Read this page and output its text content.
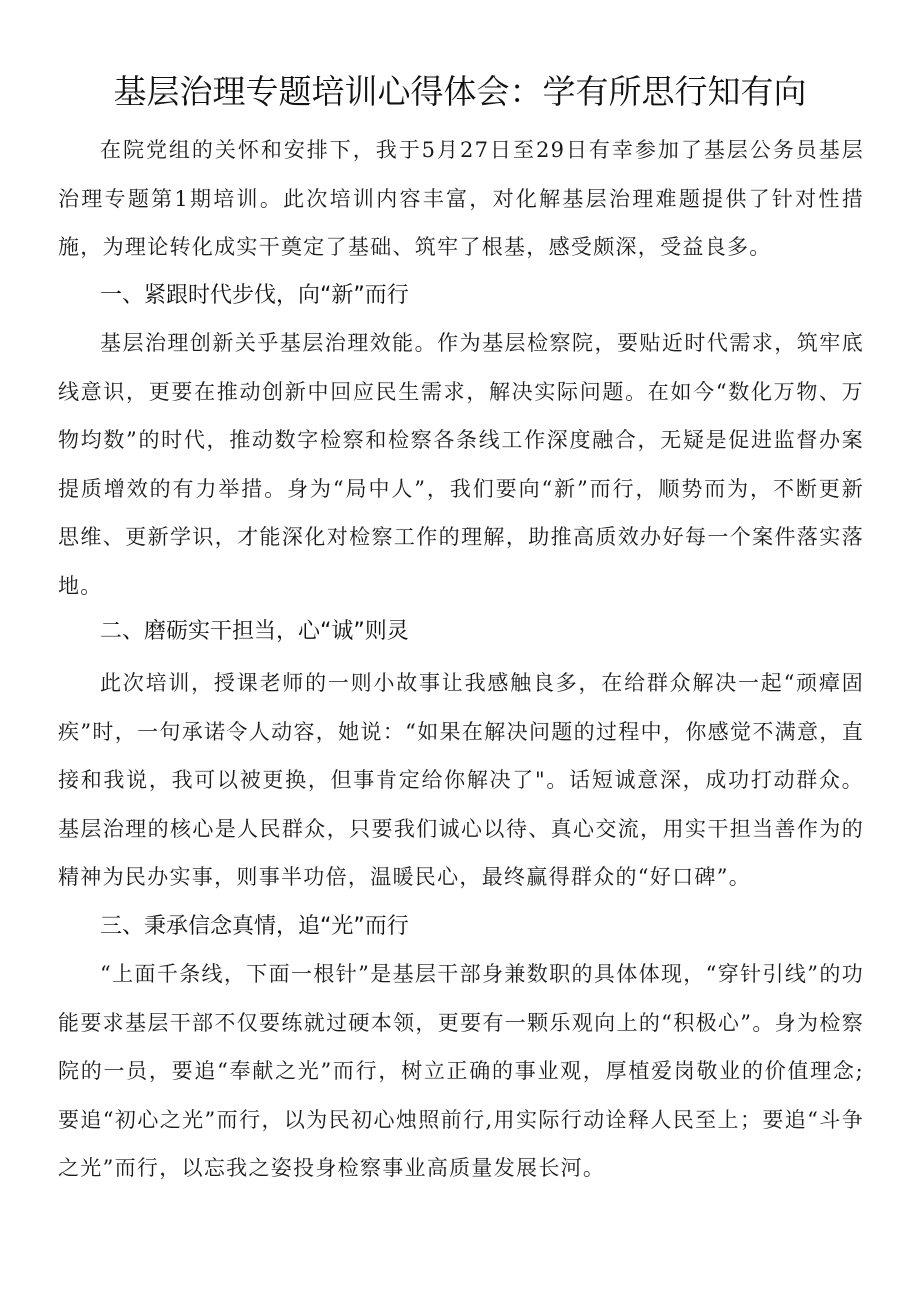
基层治理专题培训心得体会：学有所思行知有向

在院党组的关怀和安排下，我于5月27日至29日有幸参加了基层公务员基层治理专题第1期培训。此次培训内容丰富，对化解基层治理难题提供了针对性措施，为理论转化成实干奠定了基础、筑牢了根基，感受颇深，受益良多。

一、紧跟时代步伐，向“新”而行

基层治理创新关乎基层治理效能。作为基层检察院，要贴近时代需求，筑牢底线意识，更要在推动创新中回应民生需求，解决实际问题。在如今“数化万物、万物均数”的时代，推动数字检察和检察各条线工作深度融合，无疑是促进监督办案提质增效的有力举措。身为“局中人”，我们要向“新”而行，顺势而为，不断更新思维、更新学识，才能深化对检察工作的理解，助推高质效办好每一个案件落实落地。

二、磨砺实干担当，心“诚”则灵

此次培训，授课老师的一则小故事让我感触良多，在给群众解决一起“顽瘴固疾”时，一句承诺令人动容，她说：“如果在解决问题的过程中，你感觉不满意，直接和我说，我可以被更换，但事肯定给你解决了"。话短诚意深，成功打动群众。基层治理的核心是人民群众，只要我们诚心以待、真心交流，用实干担当善作为的精神为民办实事，则事半功倍，温暖民心，最终赢得群众的“好口碑”。

三、秉承信念真情，追“光”而行

“上面千条线，下面一根针”是基层干部身兼数职的具体体现，“穿针引线”的功能要求基层干部不仅要练就过硬本领，更要有一颗乐观向上的“积极心”。身为检察院的一员，要追“奉献之光”而行，树立正确的事业观，厚植爱岗敬业的价值理念;要追“初心之光”而行，以为民初心烛照前行,用实际行动诠释人民至上；要追“斗争之光”而行，以忘我之姿投身检察事业高质量发展长河。
